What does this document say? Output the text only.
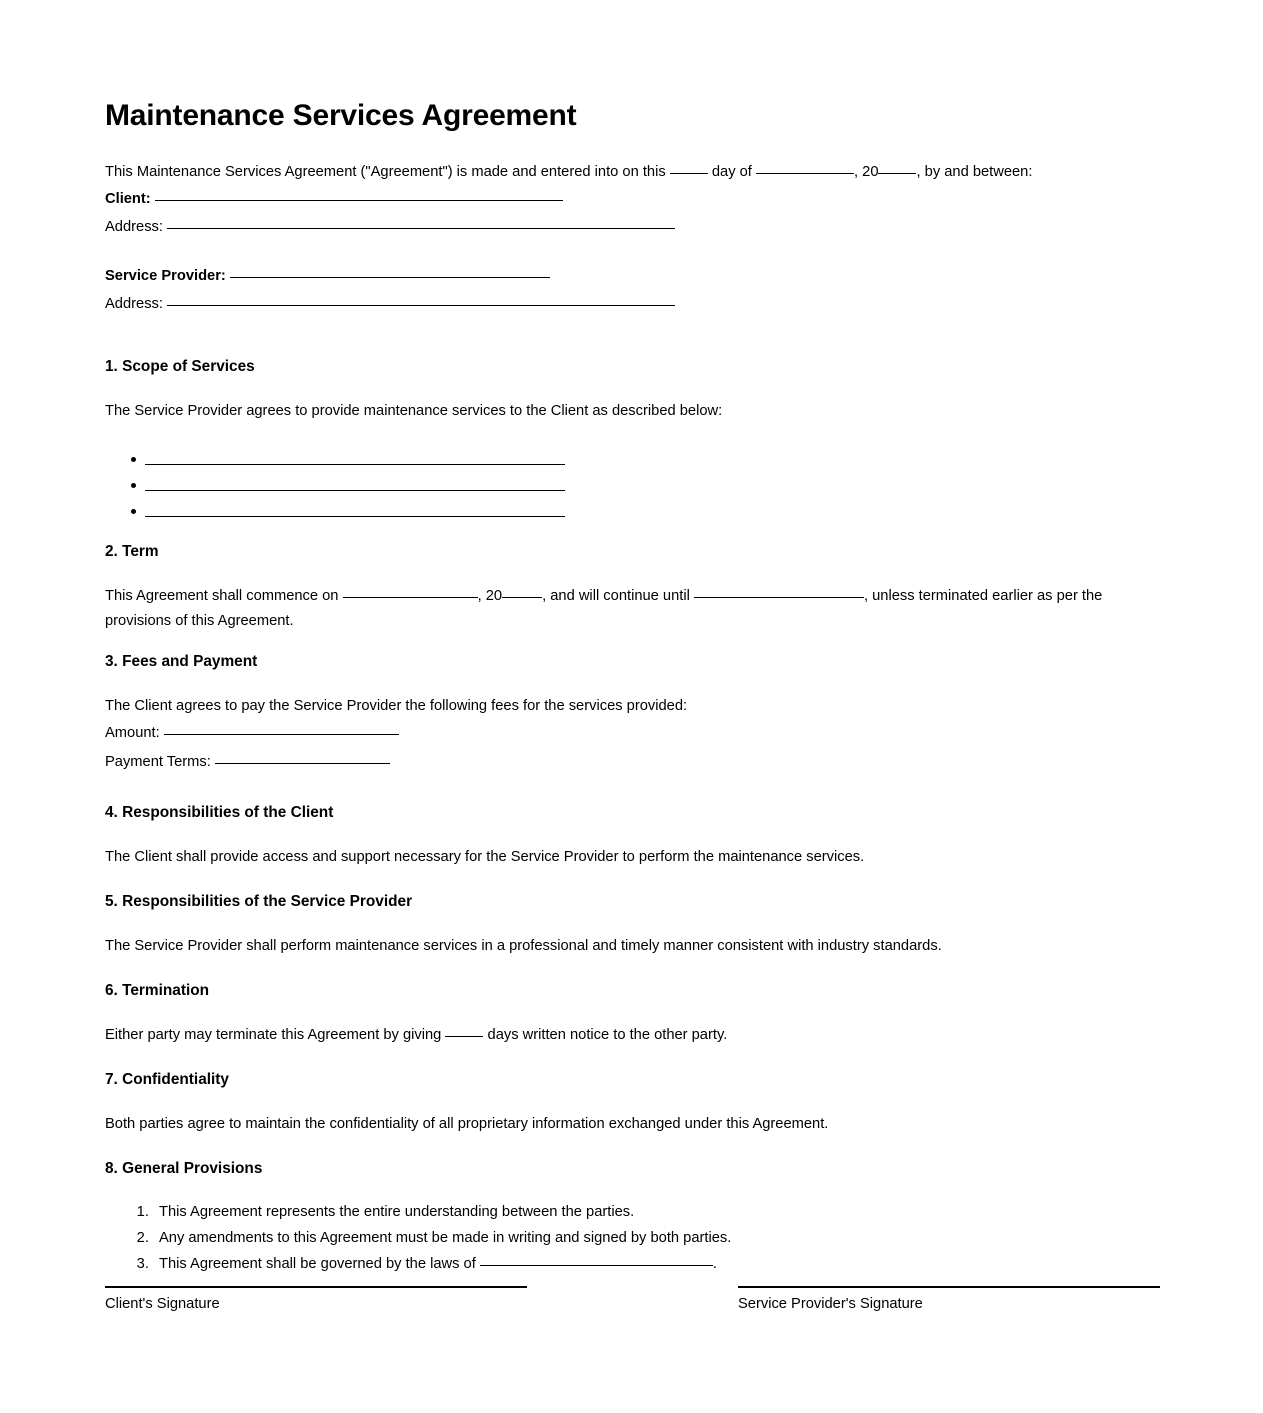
Maintenance Services Agreement

This Maintenance Services Agreement ("Agreement") is made and entered into on this	day of	, 20	, by and between:

Client:
Address:
Service Provider:
Address:
1. Scope of Services

The Service Provider agrees to provide maintenance services to the Client as described below:

2. Term

This Agreement shall commence on	, 20	, and will continue until	, unless terminated earlier as per the provisions of this Agreement.

3. Fees and Payment

The Client agrees to pay the Service Provider the following fees for the services provided:

Amount:
Payment Terms:
4. Responsibilities of the Client

The Client shall provide access and support necessary for the Service Provider to perform the maintenance services.

5. Responsibilities of the Service Provider

The Service Provider shall perform maintenance services in a professional and timely manner consistent with industry standards.

6. Termination

Either party may terminate this Agreement by giving	days written notice to the other party.

7. Confidentiality

Both parties agree to maintain the confidentiality of all proprietary information exchanged under this Agreement.

8. General Provisions
1. This Agreement represents the entire understanding between the parties.
2. Any amendments to this Agreement must be made in writing and signed by both parties.
3. This Agreement shall be governed by the laws of	.
Client's Signature	Service Provider's Signature
